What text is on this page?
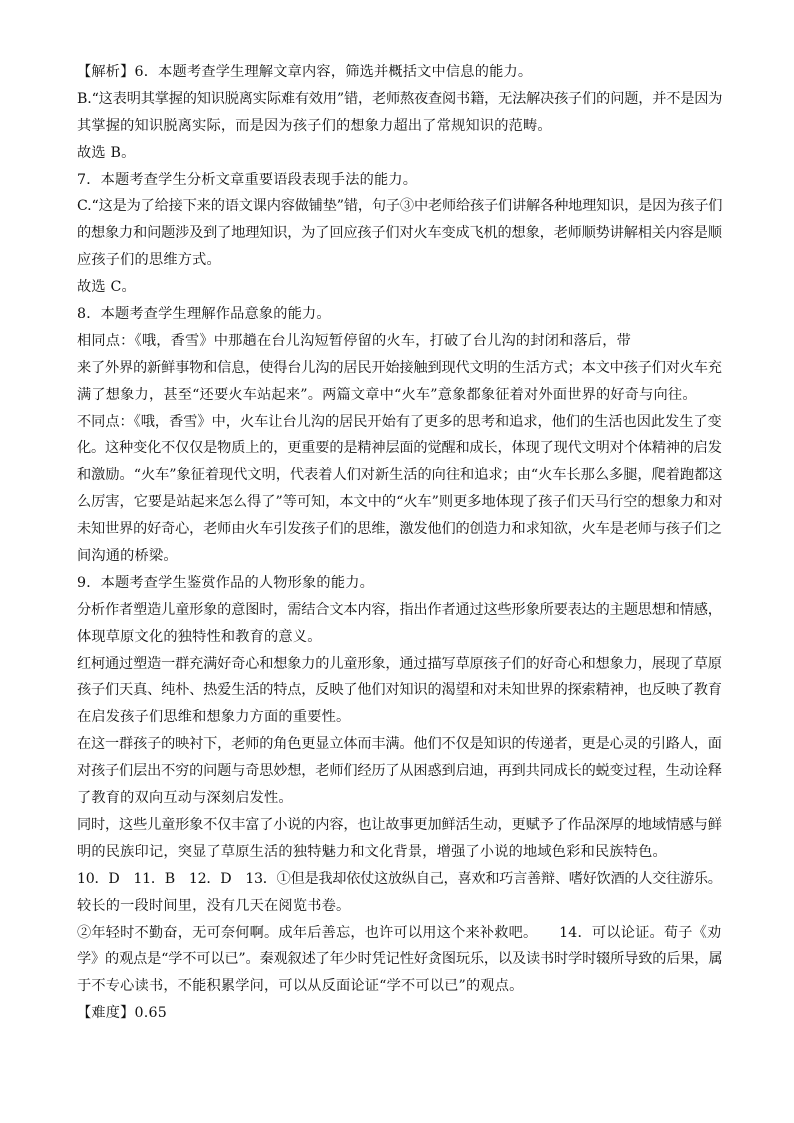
【解析】6．本题考查学生理解文章内容，筛选并概括文中信息的能力。
B.“这表明其掌握的知识脱离实际难有效用”错，老师熬夜查阅书籍，无法解决孩子们的问题，并不是因为
其掌握的知识脱离实际，而是因为孩子们的想象力超出了常规知识的范畴。
故选 B。
7．本题考查学生分析文章重要语段表现手法的能力。
C.“这是为了给接下来的语文课内容做铺垫”错，句子③中老师给孩子们讲解各种地理知识，是因为孩子们
的想象力和问题涉及到了地理知识，为了回应孩子们对火车变成飞机的想象，老师顺势讲解相关内容是顺
应孩子们的思维方式。
故选 C。
8．本题考查学生理解作品意象的能力。
相同点：《哦，香雪》中那趟在台儿沟短暂停留的火车，打破了台儿沟的封闭和落后，带
来了外界的新鲜事物和信息，使得台儿沟的居民开始接触到现代文明的生活方式；本文中孩子们对火车充
满了想象力，甚至“还要火车站起来”。两篇文章中“火车”意象都象征着对外面世界的好奇与向往。
不同点：《哦，香雪》中，火车让台儿沟的居民开始有了更多的思考和追求，他们的生活也因此发生了变
化。这种变化不仅仅是物质上的，更重要的是精神层面的觉醒和成长，体现了现代文明对个体精神的启发
和激励。“火车”象征着现代文明，代表着人们对新生活的向往和追求；由“火车长那么多腿，爬着跑都这
么厉害，它要是站起来怎么得了”等可知，本文中的“火车”则更多地体现了孩子们天马行空的想象力和对
未知世界的好奇心，老师由火车引发孩子们的思维，激发他们的创造力和求知欲，火车是老师与孩子们之
间沟通的桥梁。
9．本题考查学生鉴赏作品的人物形象的能力。
分析作者塑造儿童形象的意图时，需结合文本内容，指出作者通过这些形象所要表达的主题思想和情感，
体现草原文化的独特性和教育的意义。
红柯通过塑造一群充满好奇心和想象力的儿童形象，通过描写草原孩子们的好奇心和想象力，展现了草原
孩子们天真、纯朴、热爱生活的特点，反映了他们对知识的渴望和对未知世界的探索精神，也反映了教育
在启发孩子们思维和想象力方面的重要性。
在这一群孩子的映衬下，老师的角色更显立体而丰满。他们不仅是知识的传递者，更是心灵的引路人，面
对孩子们层出不穷的问题与奇思妙想，老师们经历了从困惑到启迪，再到共同成长的蜕变过程，生动诠释
了教育的双向互动与深刻启发性。
同时，这些儿童形象不仅丰富了小说的内容，也让故事更加鲜活生动，更赋予了作品深厚的地域情感与鲜
明的民族印记，突显了草原生活的独特魅力和文化背景，增强了小说的地域色彩和民族特色。
10．D　11．B　12．D　13．①但是我却依仗这放纵自己，喜欢和巧言善辩、嗜好饮酒的人交往游乐。
较长的一段时间里，没有几天在阅览书卷。
②年轻时不勤奋，无可奈何啊。成年后善忘，也许可以用这个来补救吧。　　14．可以论证。荀子《劝
学》的观点是“学不可以已”。秦观叙述了年少时凭记性好贪图玩乐，以及读书时学时辍所导致的后果，属
于不专心读书，不能积累学问，可以从反面论证“学不可以已”的观点。
【难度】0.65
